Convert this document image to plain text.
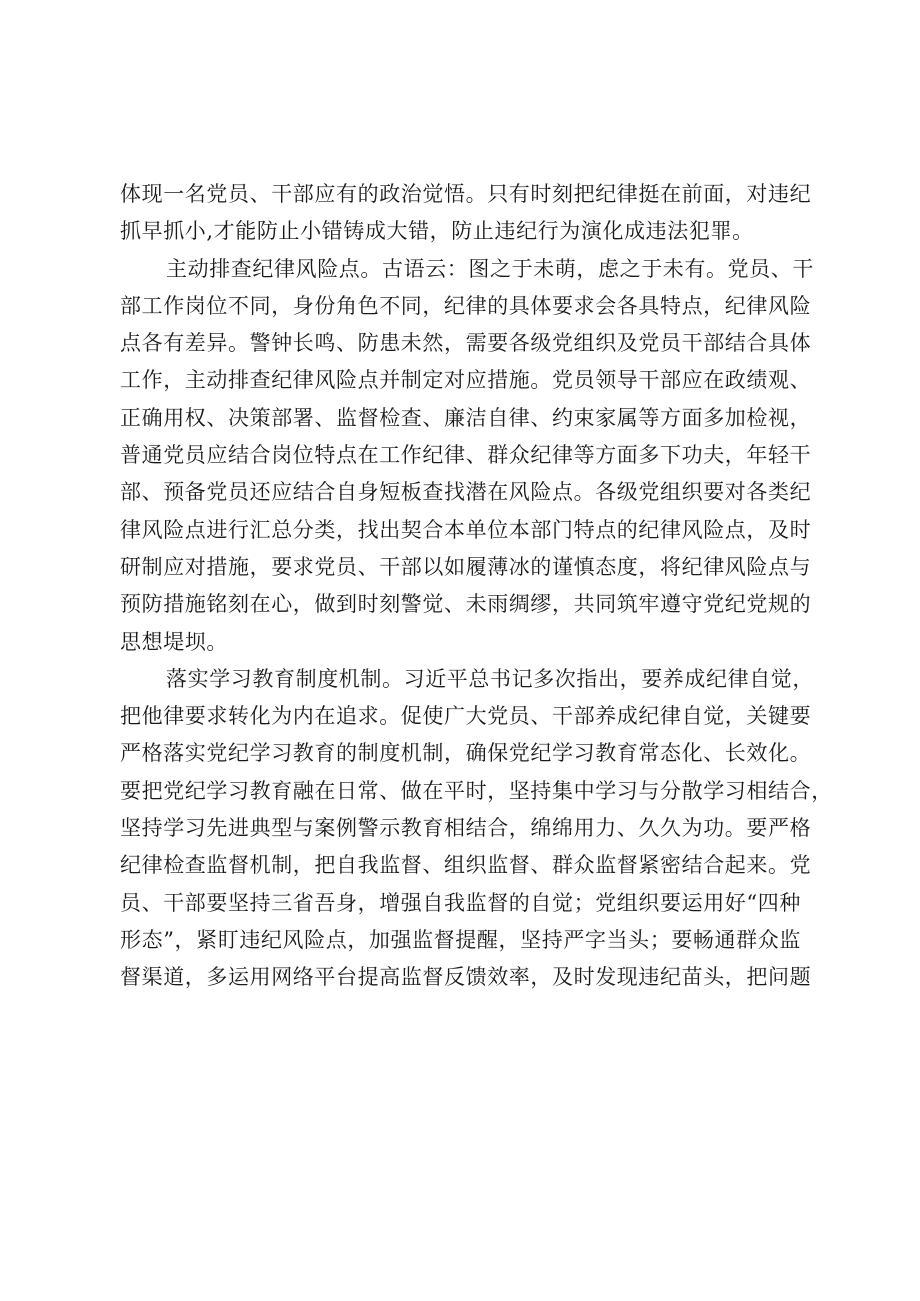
体现一名党员、干部应有的政治觉悟。只有时刻把纪律挺在前面，对违纪
抓早抓小,才能防止小错铸成大错，防止违纪行为演化成违法犯罪。
主动排查纪律风险点。古语云：图之于未萌，虑之于未有。党员、干
部工作岗位不同，身份角色不同，纪律的具体要求会各具特点，纪律风险
点各有差异。警钟长鸣、防患未然，需要各级党组织及党员干部结合具体
工作，主动排查纪律风险点并制定对应措施。党员领导干部应在政绩观、
正确用权、决策部署、监督检查、廉洁自律、约束家属等方面多加检视，
普通党员应结合岗位特点在工作纪律、群众纪律等方面多下功夫，年轻干
部、预备党员还应结合自身短板查找潜在风险点。各级党组织要对各类纪
律风险点进行汇总分类，找出契合本单位本部门特点的纪律风险点，及时
研制应对措施，要求党员、干部以如履薄冰的谨慎态度，将纪律风险点与
预防措施铭刻在心，做到时刻警觉、未雨绸缪，共同筑牢遵守党纪党规的
思想堤坝。
落实学习教育制度机制。习近平总书记多次指出，要养成纪律自觉，
把他律要求转化为内在追求。促使广大党员、干部养成纪律自觉，关键要
严格落实党纪学习教育的制度机制，确保党纪学习教育常态化、长效化。
要把党纪学习教育融在日常、做在平时，坚持集中学习与分散学习相结合，
坚持学习先进典型与案例警示教育相结合，绵绵用力、久久为功。要严格
纪律检查监督机制，把自我监督、组织监督、群众监督紧密结合起来。党
员、干部要坚持三省吾身，增强自我监督的自觉；党组织要运用好“四种
形态”，紧盯违纪风险点，加强监督提醒，坚持严字当头；要畅通群众监
督渠道，多运用网络平台提高监督反馈效率，及时发现违纪苗头，把问题
